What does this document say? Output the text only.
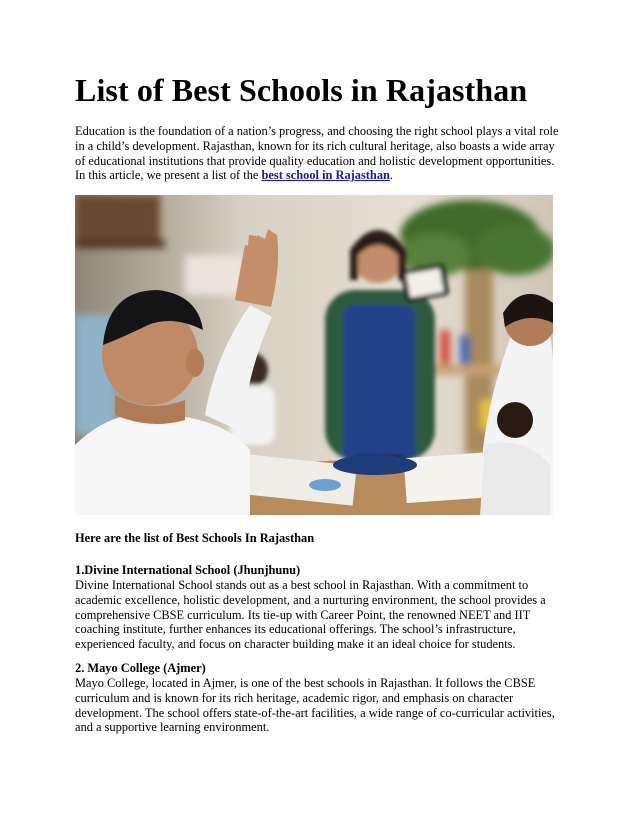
List of Best Schools in Rajasthan

Education is the foundation of a nation’s progress, and choosing the right school plays a vital role in a child’s development. Rajasthan, known for its rich cultural heritage, also boasts a wide array of educational institutions that provide quality education and holistic development opportunities. In this article, we present a list of the best school in Rajasthan.

Here are the list of Best Schools In Rajasthan
1.Divine International School (Jhunjhunu)

Divine International School stands out as a best school in Rajasthan. With a commitment to academic excellence, holistic development, and a nurturing environment, the school provides a comprehensive CBSE curriculum. Its tie-up with Career Point, the renowned NEET and IIT coaching institute, further enhances its educational offerings. The school’s infrastructure, experienced faculty, and focus on character building make it an ideal choice for students.

2. Mayo College (Ajmer)

Mayo College, located in Ajmer, is one of the best schools in Rajasthan. It follows the CBSE curriculum and is known for its rich heritage, academic rigor, and emphasis on character development. The school offers state-of-the-art facilities, a wide range of co-curricular activities, and a supportive learning environment.
